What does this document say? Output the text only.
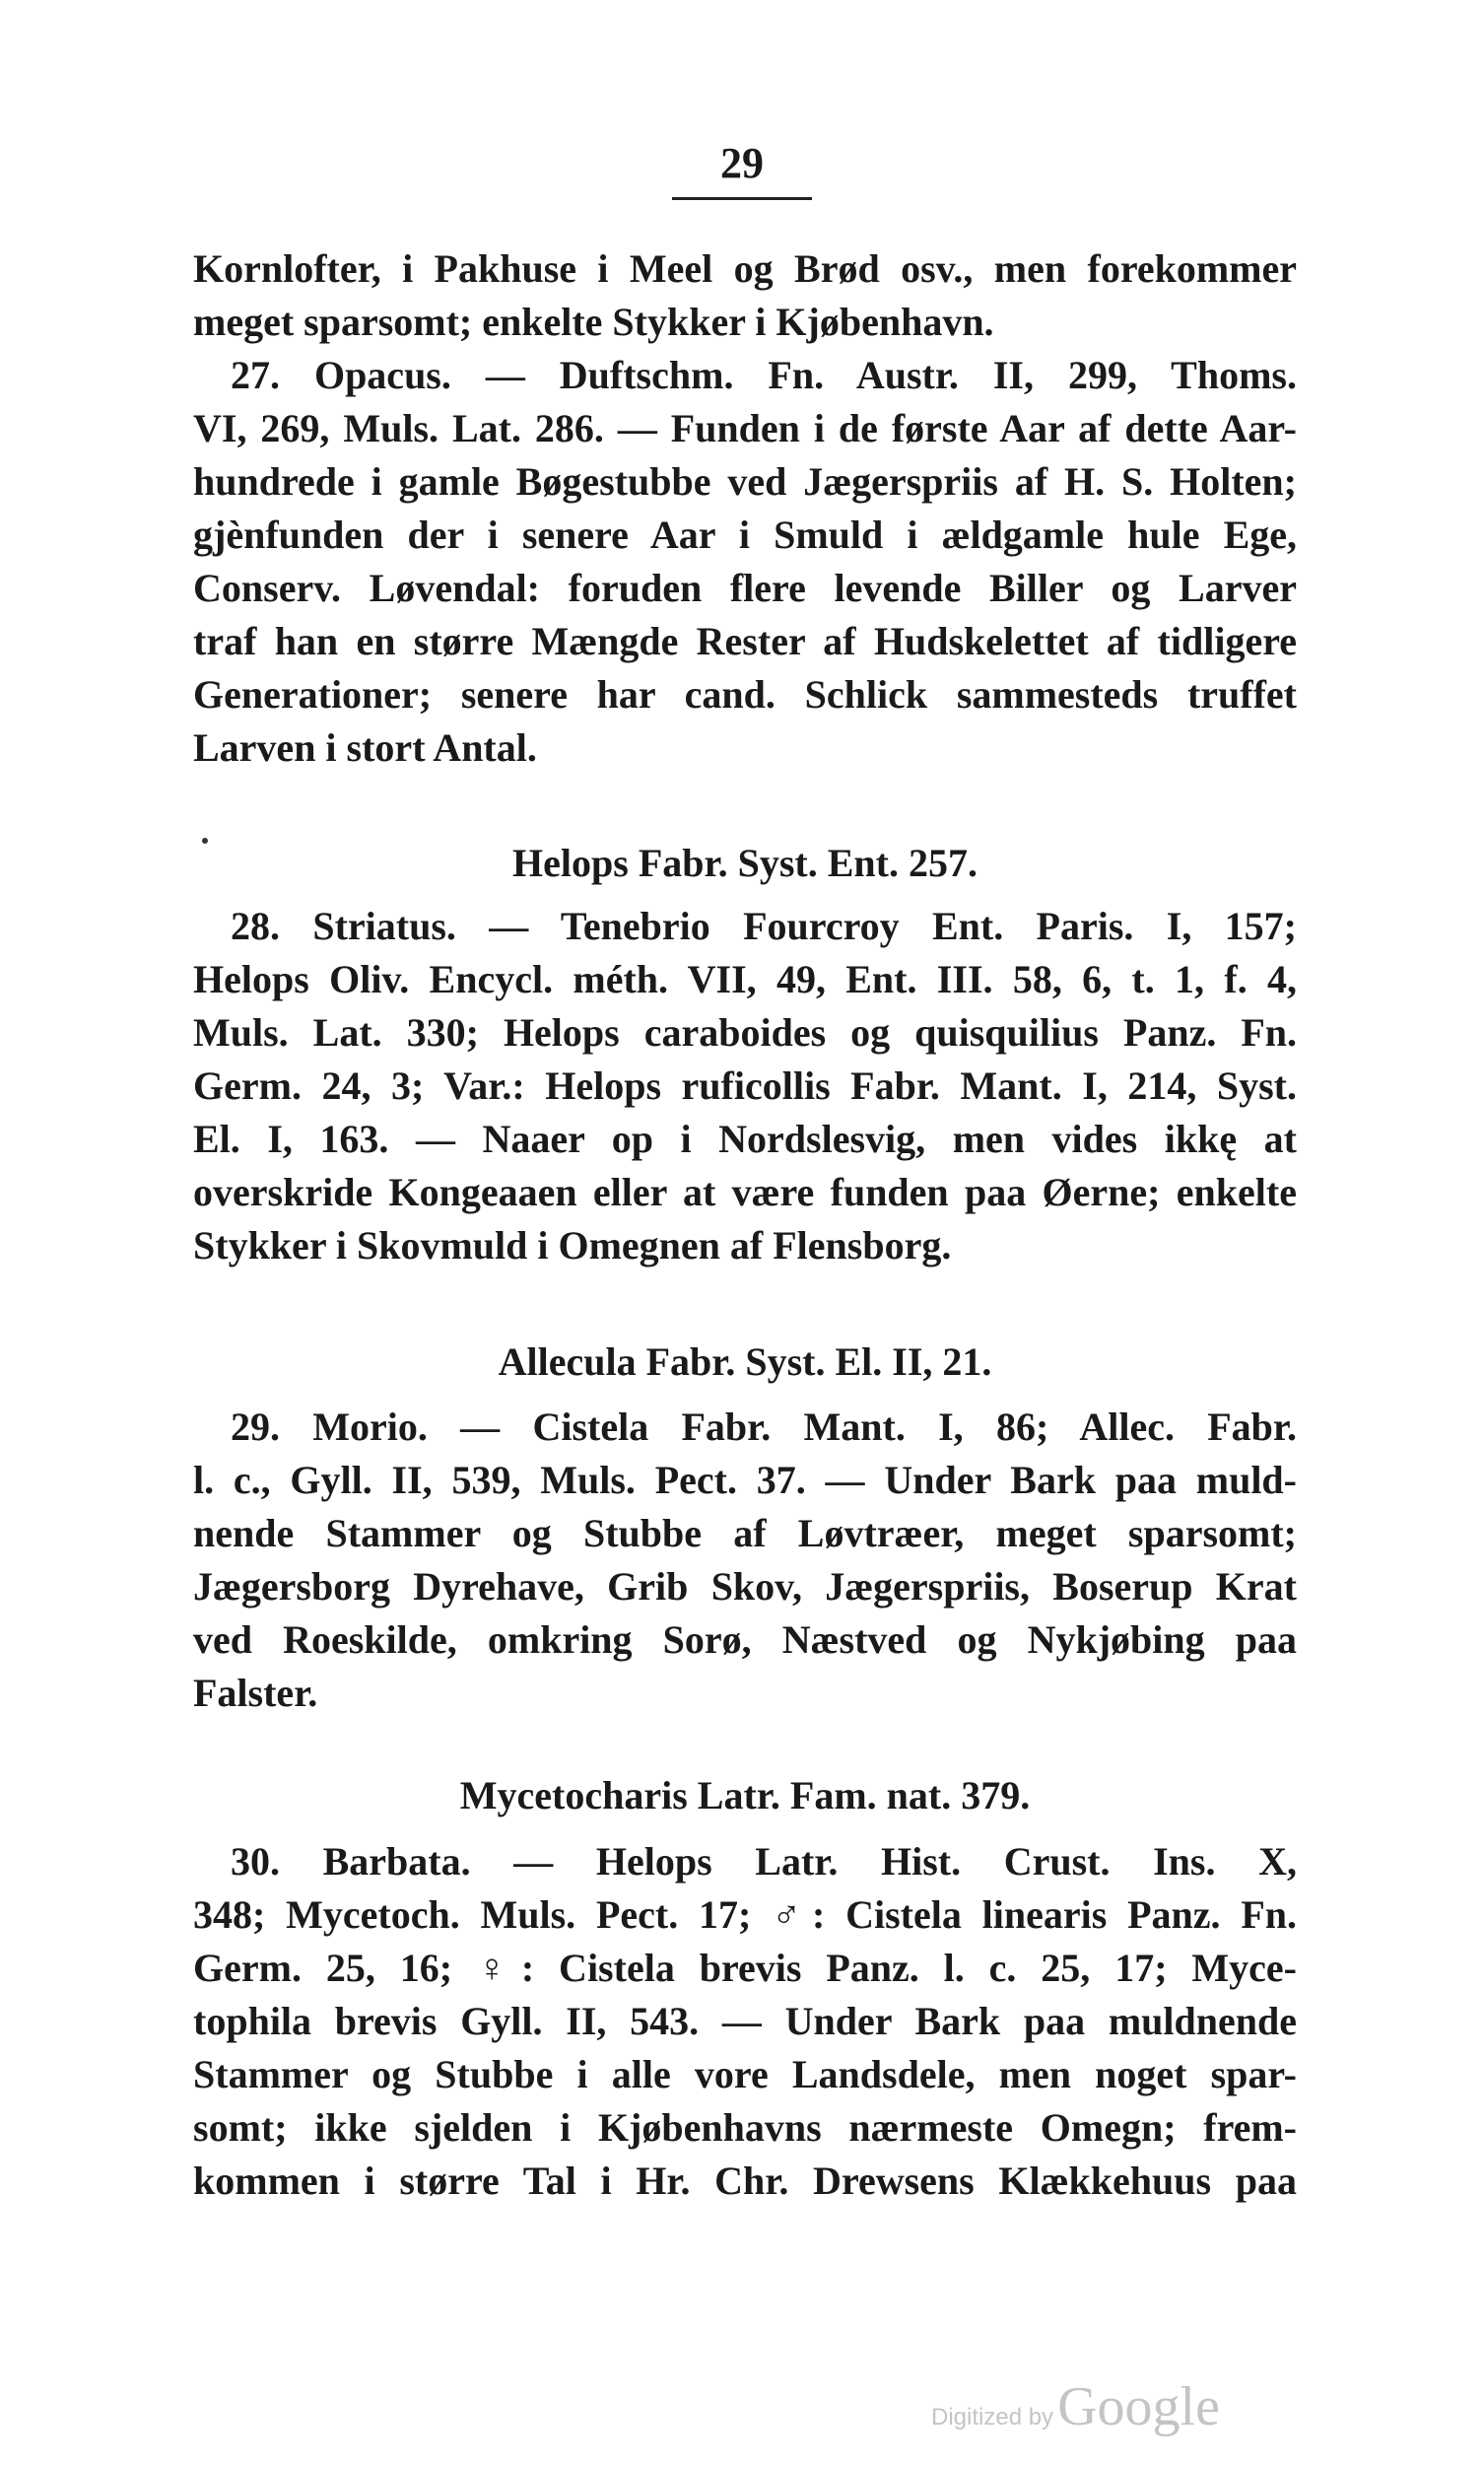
29
Kornlofter, i Pakhuse i Meel og Brød osv., men forekommer
meget sparsomt; enkelte Stykker i Kjøbenhavn.
27. Opacus. — Duftschm. Fn. Austr. II, 299, Thoms.
VI, 269, Muls. Lat. 286. — Funden i de første Aar af dette Aar-
hundrede i gamle Bøgestubbe ved Jægerspriis af H. S. Holten;
gjènfunden der i senere Aar i Smuld i ældgamle hule Ege,
Conserv. Løvendal: foruden flere levende Biller og Larver
traf han en større Mængde Rester af Hudskelettet af tidligere
Generationer; senere har cand. Schlick sammesteds truffet
Larven i stort Antal.
Helops Fabr. Syst. Ent. 257.
28. Striatus. — Tenebrio Fourcroy Ent. Paris. I, 157;
Helops Oliv. Encycl. méth. VII, 49, Ent. III. 58, 6, t. 1, f. 4,
Muls. Lat. 330; Helops caraboides og quisquilius Panz. Fn.
Germ. 24, 3; Var.: Helops ruficollis Fabr. Mant. I, 214, Syst.
El. I, 163. — Naaer op i Nordslesvig, men vides ikkę at
overskride Kongeaaen eller at være funden paa Øerne; enkelte
Stykker i Skovmuld i Omegnen af Flensborg.
Allecula Fabr. Syst. El. II, 21.
29. Morio. — Cistela Fabr. Mant. I, 86; Allec. Fabr.
l. c., Gyll. II, 539, Muls. Pect. 37. — Under Bark paa muld-
nende Stammer og Stubbe af Løvtræer, meget sparsomt;
Jægersborg Dyrehave, Grib Skov, Jægerspriis, Boserup Krat
ved Roeskilde, omkring Sorø, Næstved og Nykjøbing paa
Falster.
Mycetocharis Latr. Fam. nat. 379.
30. Barbata. — Helops Latr. Hist. Crust. Ins. X,
348; Mycetoch. Muls. Pect. 17; ♂: Cistela linearis Panz. Fn.
Germ. 25, 16; ♀: Cistela brevis Panz. l. c. 25, 17; Myce-
tophila brevis Gyll. II, 543. — Under Bark paa muldnende
Stammer og Stubbe i alle vore Landsdele, men noget spar-
somt; ikke sjelden i Kjøbenhavns nærmeste Omegn; frem-
kommen i større Tal i Hr. Chr. Drewsens Klækkehuus paa
Digitized byGoogle
